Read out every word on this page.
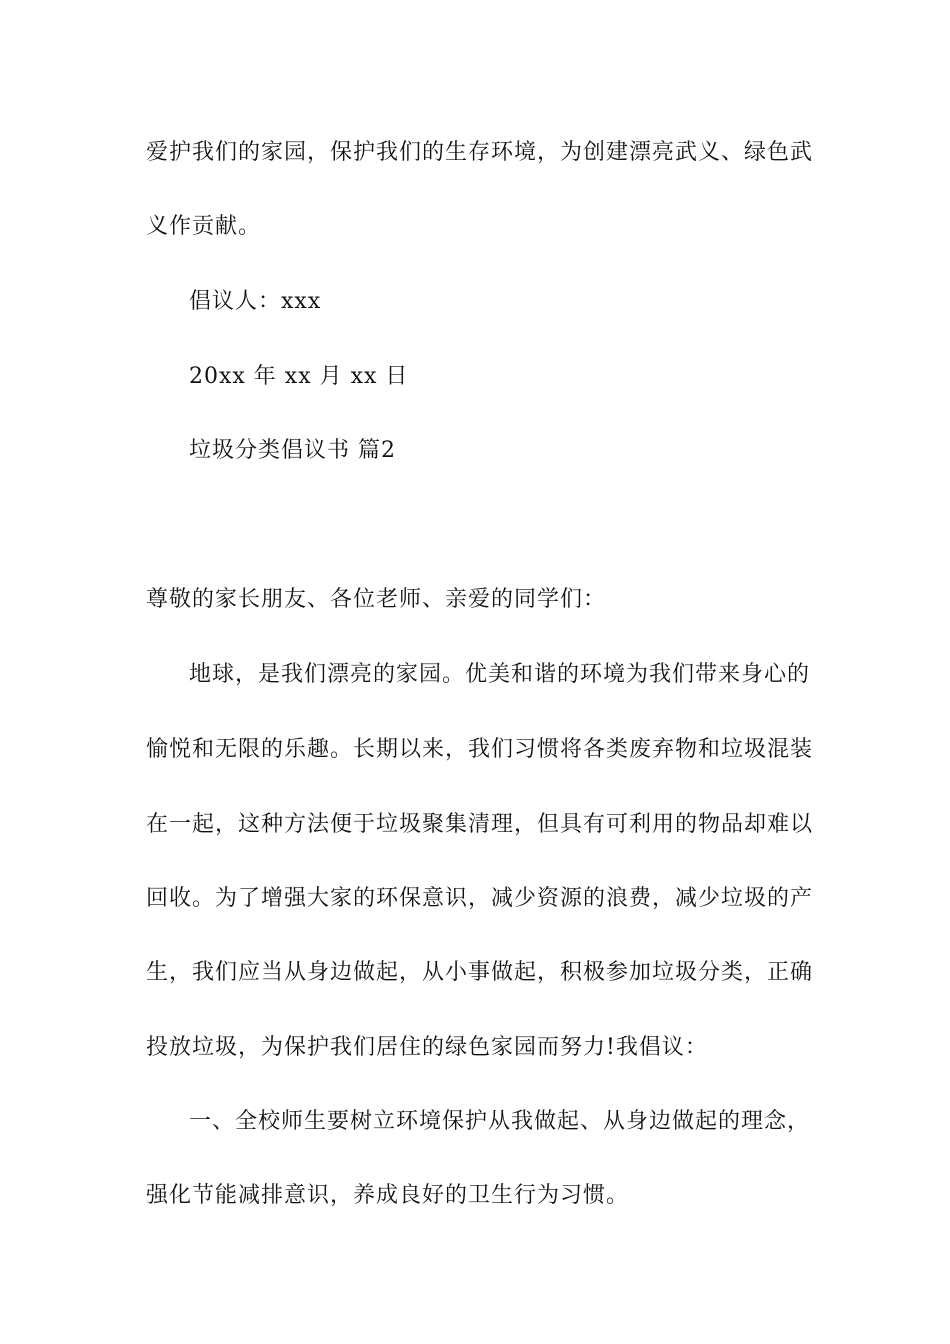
爱护我们的家园，保护我们的生存环境，为创建漂亮武义、绿色武
义作贡献。
倡议人：xxx
20xx 年 xx 月 xx 日
垃圾分类倡议书 篇2
尊敬的家长朋友、各位老师、亲爱的同学们：
地球，是我们漂亮的家园。优美和谐的环境为我们带来身心的
愉悦和无限的乐趣。长期以来，我们习惯将各类废弃物和垃圾混装
在一起，这种方法便于垃圾聚集清理，但具有可利用的物品却难以
回收。为了增强大家的环保意识，减少资源的浪费，减少垃圾的产
生，我们应当从身边做起，从小事做起，积极参加垃圾分类，正确
投放垃圾，为保护我们居住的绿色家园而努力!我倡议：
一、全校师生要树立环境保护从我做起、从身边做起的理念，
强化节能减排意识，养成良好的卫生行为习惯。
